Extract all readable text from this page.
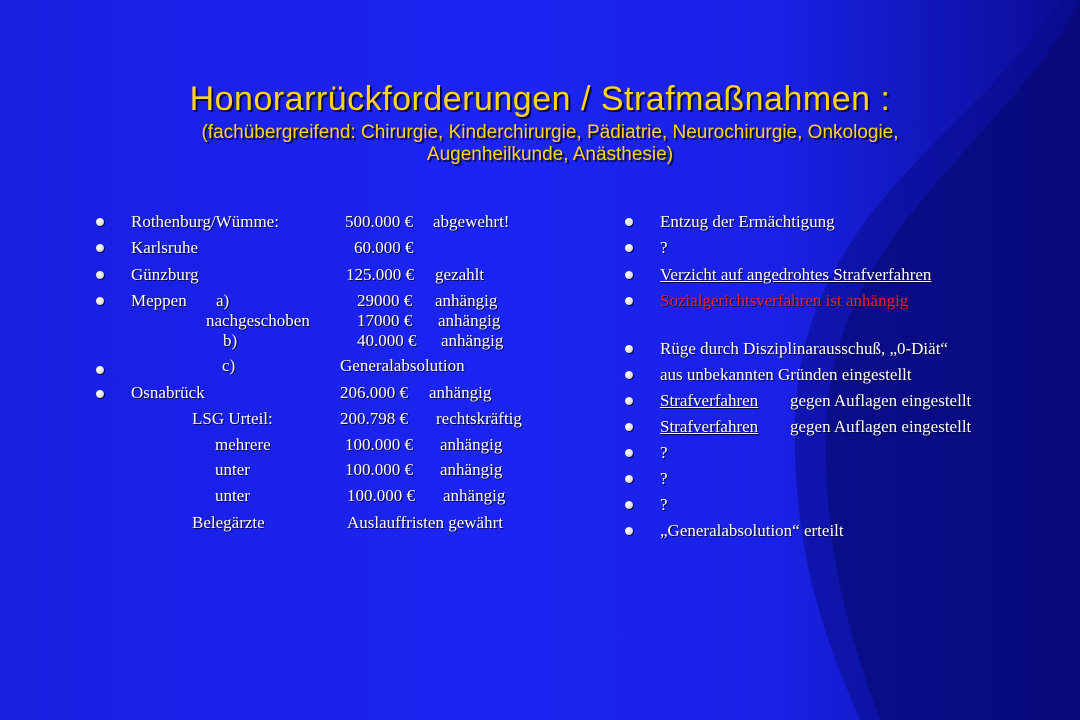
Honorarrückforderungen / Strafmaßnahmen :
(fachübergreifend: Chirurgie, Kinderchirurgie, Pädiatrie, Neurochirurgie, Onkologie,
Augenheilkunde, Anästhesie)
Rothenburg/Wümme:	500.000 € abgewehrt!
Karlsruhe	60.000 €
Günzburg	125.000 € gezahlt
Meppen a)	29000 € anhängig
nachgeschoben	17000 € anhängig
b)	40.000 € anhängig
c)	Generalabsolution
Osnabrück	206.000 € anhängig
LSG Urteil:	200.798 € rechtskräftig
mehrere	100.000 € anhängig
unter	100.000 € anhängig
unter	100.000 € anhängig
Belegärzte	Auslauffristen gewährt
Entzug der Ermächtigung
?
Verzicht auf angedrohtes Strafverfahren
Sozialgerichtsverfahren ist anhängig
Rüge durch Disziplinarausschuß, „0-Diät“
aus unbekannten Gründen eingestellt
Strafverfahren gegen Auflagen eingestellt
Strafverfahren gegen Auflagen eingestellt
?
?
?
„Generalabsolution“ erteilt
